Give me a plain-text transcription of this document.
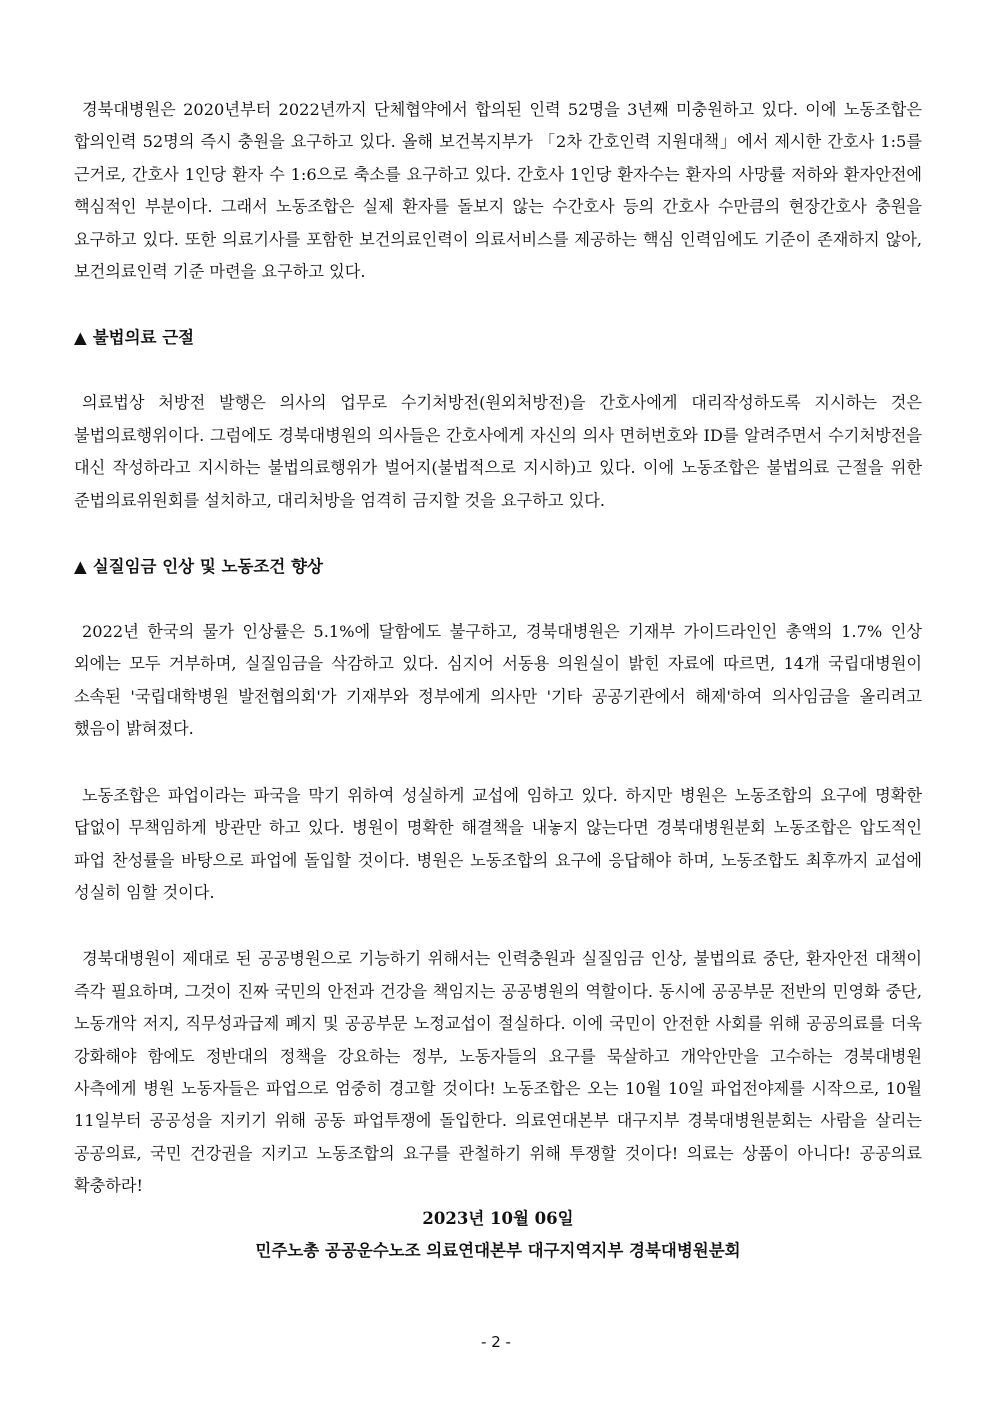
경북대병원은 2020년부터 2022년까지 단체협약에서 합의된 인력 52명을 3년째 미충원하고 있다. 이에 노동조합은 합의인력 52명의 즉시 충원을 요구하고 있다. 올해 보건복지부가 「2차 간호인력 지원대책」에서 제시한 간호사 1:5를 근거로, 간호사 1인당 환자 수 1:6으로 축소를 요구하고 있다. 간호사 1인당 환자수는 환자의 사망률 저하와 환자안전에 핵심적인 부분이다. 그래서 노동조합은 실제 환자를 돌보지 않는 수간호사 등의 간호사 수만큼의 현장간호사 충원을 요구하고 있다. 또한 의료기사를 포함한 보건의료인력이 의료서비스를 제공하는 핵심 인력임에도 기준이 존재하지 않아, 보건의료인력 기준 마련을 요구하고 있다.

▲ 불법의료 근절

의료법상 처방전 발행은 의사의 업무로 수기처방전(원외처방전)을 간호사에게 대리작성하도록 지시하는 것은 불법의료행위이다. 그럼에도 경북대병원의 의사들은 간호사에게 자신의 의사 면허번호와 ID를 알려주면서 수기처방전을 대신 작성하라고 지시하는 불법의료행위가 벌어지(불법적으로 지시하)고 있다. 이에 노동조합은 불법의료 근절을 위한 준법의료위원회를 설치하고, 대리처방을 엄격히 금지할 것을 요구하고 있다.

▲ 실질임금 인상 및 노동조건 향상

2022년 한국의 물가 인상률은 5.1%에 달함에도 불구하고, 경북대병원은 기재부 가이드라인인 총액의 1.7% 인상 외에는 모두 거부하며, 실질임금을 삭감하고 있다. 심지어 서동용 의원실이 밝힌 자료에 따르면, 14개 국립대병원이 소속된 '국립대학병원 발전협의회'가 기재부와 정부에게 의사만 '기타 공공기관에서 해제'하여 의사임금을 올리려고 했음이 밝혀졌다.

노동조합은 파업이라는 파국을 막기 위하여 성실하게 교섭에 임하고 있다. 하지만 병원은 노동조합의 요구에 명확한 답없이 무책임하게 방관만 하고 있다. 병원이 명확한 해결책을 내놓지 않는다면 경북대병원분회 노동조합은 압도적인 파업 찬성률을 바탕으로 파업에 돌입할 것이다. 병원은 노동조합의 요구에 응답해야 하며, 노동조합도 최후까지 교섭에 성실히 임할 것이다.

경북대병원이 제대로 된 공공병원으로 기능하기 위해서는 인력충원과 실질임금 인상, 불법의료 중단, 환자안전 대책이 즉각 필요하며, 그것이 진짜 국민의 안전과 건강을 책임지는 공공병원의 역할이다. 동시에 공공부문 전반의 민영화 중단, 노동개악 저지, 직무성과급제 폐지 및 공공부문 노정교섭이 절실하다. 이에 국민이 안전한 사회를 위해 공공의료를 더욱 강화해야 함에도 정반대의 정책을 강요하는 정부, 노동자들의 요구를 묵살하고 개악안만을 고수하는 경북대병원 사측에게 병원 노동자들은 파업으로 엄중히 경고할 것이다! 노동조합은 오는 10월 10일 파업전야제를 시작으로, 10월 11일부터 공공성을 지키기 위해 공동 파업투쟁에 돌입한다. 의료연대본부 대구지부 경북대병원분회는 사람을 살리는 공공의료, 국민 건강권을 지키고 노동조합의 요구를 관철하기 위해 투쟁할 것이다! 의료는 상품이 아니다! 공공의료 확충하라!

2023년 10월 06일

민주노총 공공운수노조 의료연대본부 대구지역지부 경북대병원분회

- 2 -
